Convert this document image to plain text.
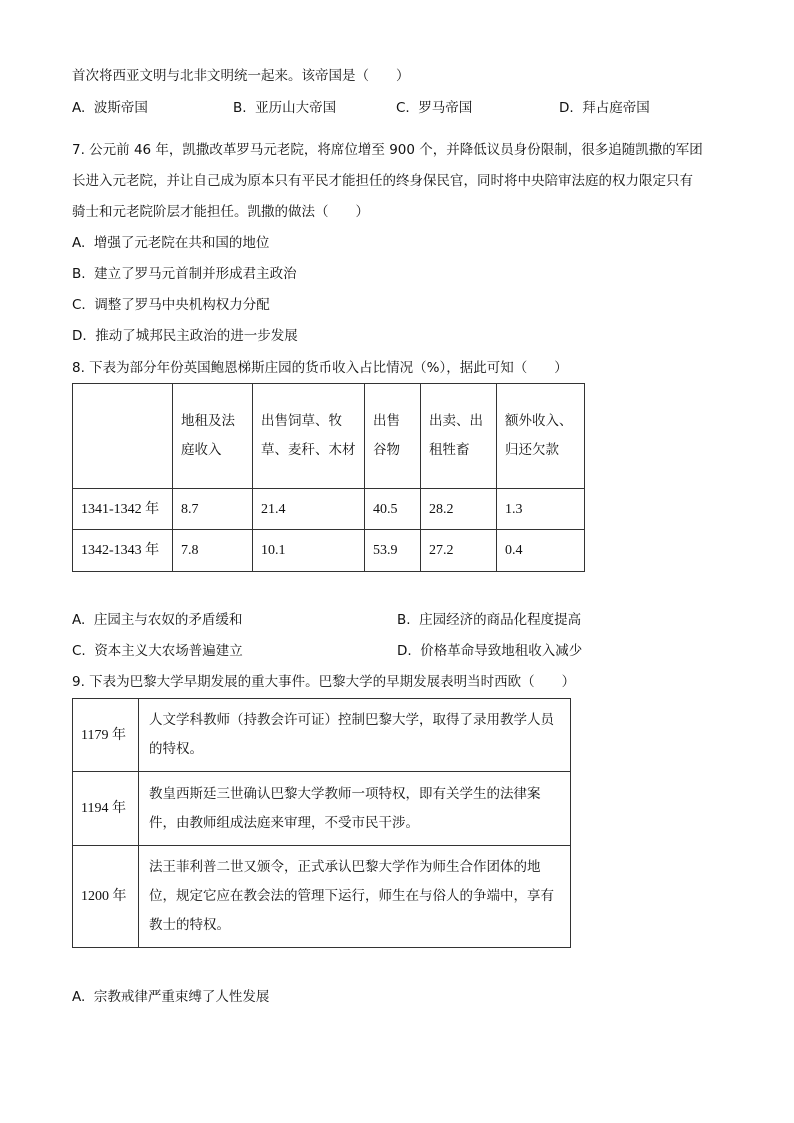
首次将西亚文明与北非文明统一起来。该帝国是（　　）
A. 波斯帝国	B. 亚历山大帝国	C. 罗马帝国	D. 拜占庭帝国
7. 公元前 46 年，凯撒改革罗马元老院，将席位增至 900 个，并降低议员身份限制，很多追随凯撒的军团
长进入元老院，并让自己成为原本只有平民才能担任的终身保民官，同时将中央陪审法庭的权力限定只有
骑士和元老院阶层才能担任。凯撒的做法（　　）
A. 增强了元老院在共和国的地位
B. 建立了罗马元首制并形成君主政治
C. 调整了罗马中央机构权力分配
D. 推动了城邦民主政治的进一步发展
8. 下表为部分年份英国鲍恩梯斯庄园的货币收入占比情况（%），据此可知（　　）
	地租及法庭收入	出售饲草、牧草、麦秆、木材	出售谷物	出卖、出租牲畜	额外收入、归还欠款
1341-1342 年	8.7	21.4	40.5	28.2	1.3
1342-1343 年	7.8	10.1	53.9	27.2	0.4
A. 庄园主与农奴的矛盾缓和	B. 庄园经济的商品化程度提高
C. 资本主义大农场普遍建立	D. 价格革命导致地租收入减少
9. 下表为巴黎大学早期发展的重大事件。巴黎大学的早期发展表明当时西欧（　　）
1179 年	人文学科教师（持教会许可证）控制巴黎大学，取得了录用教学人员的特权。
1194 年	教皇西斯廷三世确认巴黎大学教师一项特权，即有关学生的法律案件，由教师组成法庭来审理，不受市民干涉。
1200 年	法王菲利普二世又颁令，正式承认巴黎大学作为师生合作团体的地位，规定它应在教会法的管理下运行，师生在与俗人的争端中，享有教士的特权。
A. 宗教戒律严重束缚了人性发展
